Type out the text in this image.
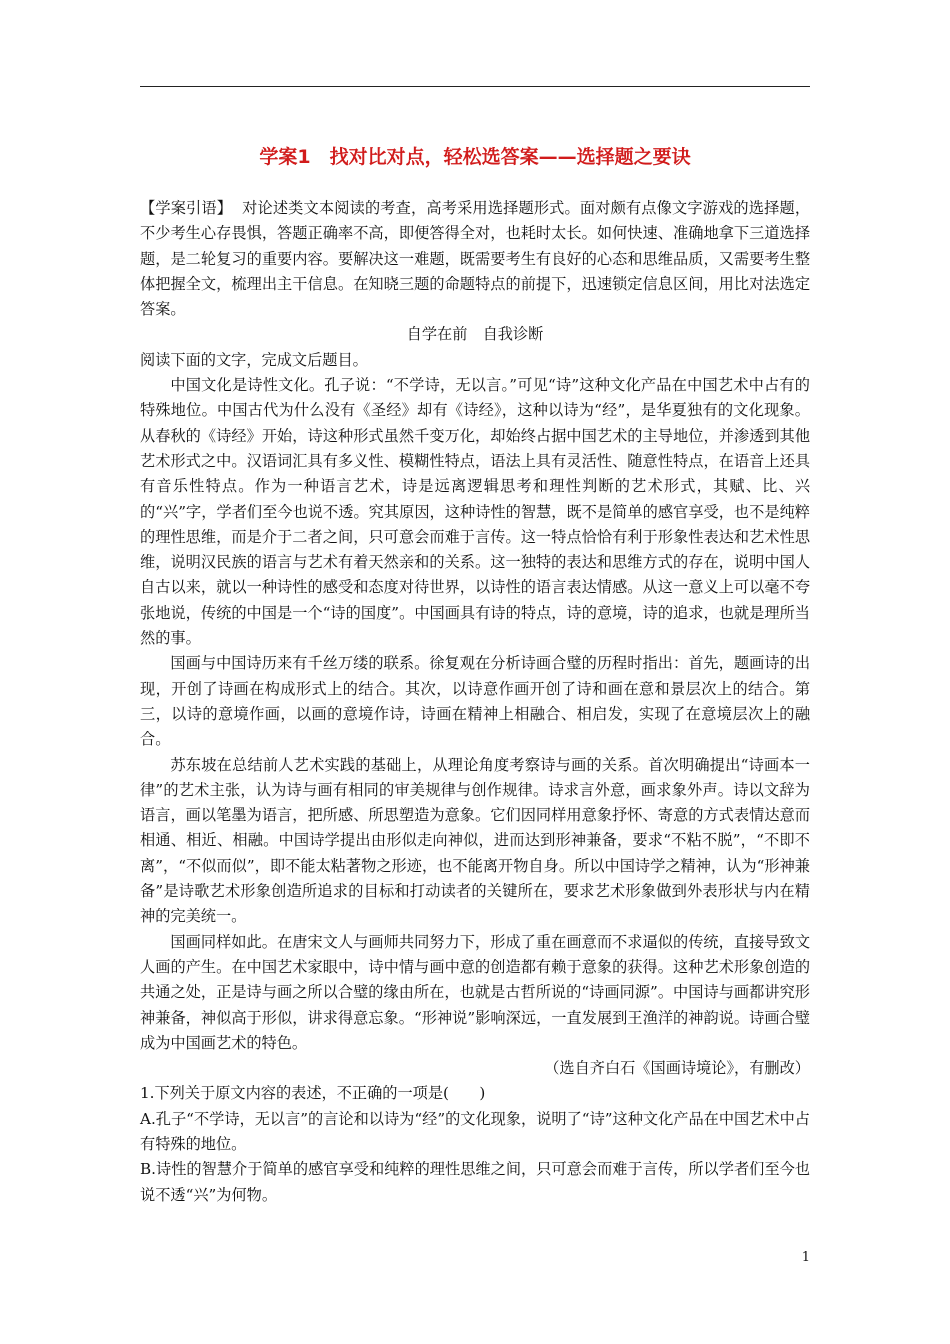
学案1　找对比对点，轻松选答案——选择题之要诀

【学案引语】 对论述类文本阅读的考查，高考采用选择题形式。面对颇有点像文字游戏的选择题，不少考生心存畏惧，答题正确率不高，即便答得全对，也耗时太长。如何快速、准确地拿下三道选择题，是二轮复习的重要内容。要解决这一难题，既需要考生有良好的心态和思维品质，又需要考生整体把握全文，梳理出主干信息。在知晓三题的命题特点的前提下，迅速锁定信息区间，用比对法选定答案。

自学在前　自我诊断

阅读下面的文字，完成文后题目。

中国文化是诗性文化。孔子说：“不学诗，无以言。”可见“诗”这种文化产品在中国艺术中占有的特殊地位。中国古代为什么没有《圣经》却有《诗经》，这种以诗为“经”，是华夏独有的文化现象。从春秋的《诗经》开始，诗这种形式虽然千变万化，却始终占据中国艺术的主导地位，并渗透到其他艺术形式之中。汉语词汇具有多义性、模糊性特点，语法上具有灵活性、随意性特点，在语音上还具有音乐性特点。作为一种语言艺术，诗是远离逻辑思考和理性判断的艺术形式，其赋、比、兴的“兴”字，学者们至今也说不透。究其原因，这种诗性的智慧，既不是简单的感官享受，也不是纯粹的理性思维，而是介于二者之间，只可意会而难于言传。这一特点恰恰有利于形象性表达和艺术性思维，说明汉民族的语言与艺术有着天然亲和的关系。这一独特的表达和思维方式的存在，说明中国人自古以来，就以一种诗性的感受和态度对待世界，以诗性的语言表达情感。从这一意义上可以毫不夸张地说，传统的中国是一个“诗的国度”。中国画具有诗的特点，诗的意境，诗的追求，也就是理所当然的事。

国画与中国诗历来有千丝万缕的联系。徐复观在分析诗画合璧的历程时指出：首先，题画诗的出现，开创了诗画在构成形式上的结合。其次，以诗意作画开创了诗和画在意和景层次上的结合。第三，以诗的意境作画，以画的意境作诗，诗画在精神上相融合、相启发，实现了在意境层次上的融合。

苏东坡在总结前人艺术实践的基础上，从理论角度考察诗与画的关系。首次明确提出“诗画本一律”的艺术主张，认为诗与画有相同的审美规律与创作规律。诗求言外意，画求象外声。诗以文辞为语言，画以笔墨为语言，把所感、所思塑造为意象。它们因同样用意象抒怀、寄意的方式表情达意而相通、相近、相融。中国诗学提出由形似走向神似，进而达到形神兼备，要求“不粘不脱”，“不即不离”，“不似而似”，即不能太粘著物之形迹，也不能离开物自身。所以中国诗学之精神，认为“形神兼备”是诗歌艺术形象创造所追求的目标和打动读者的关键所在，要求艺术形象做到外表形状与内在精神的完美统一。

国画同样如此。在唐宋文人与画师共同努力下，形成了重在画意而不求逼似的传统，直接导致文人画的产生。在中国艺术家眼中，诗中情与画中意的创造都有赖于意象的获得。这种艺术形象创造的共通之处，正是诗与画之所以合璧的缘由所在，也就是古哲所说的“诗画同源”。中国诗与画都讲究形神兼备，神似高于形似，讲求得意忘象。“形神说”影响深远，一直发展到王渔洋的神韵说。诗画合璧成为中国画艺术的特色。

（选自齐白石《国画诗境论》，有删改）

1.下列关于原文内容的表述，不正确的一项是(　　)

A.孔子“不学诗，无以言”的言论和以诗为“经”的文化现象，说明了“诗”这种文化产品在中国艺术中占有特殊的地位。

B.诗性的智慧介于简单的感官享受和纯粹的理性思维之间，只可意会而难于言传，所以学者们至今也说不透“兴”为何物。

1
